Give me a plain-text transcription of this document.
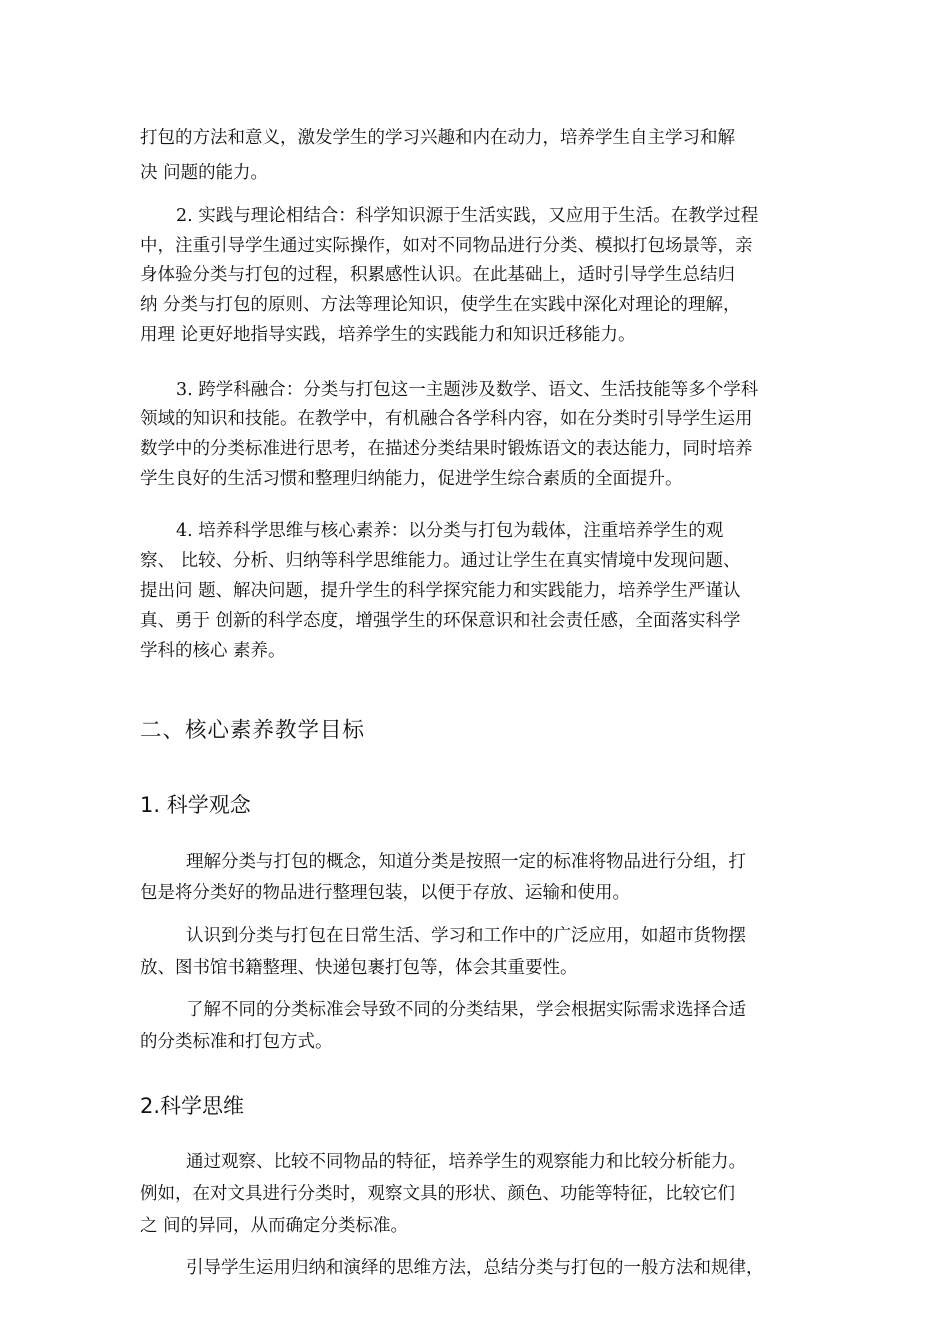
打包的方法和意义，激发学生的学习兴趣和内在动力，培养学生自主学习和解
决 问题的能力。
2. 实践与理论相结合：科学知识源于生活实践，又应用于生活。在教学过程
中，注重引导学生通过实际操作，如对不同物品进行分类、模拟打包场景等，亲
身体验分类与打包的过程，积累感性认识。在此基础上，适时引导学生总结归
纳 分类与打包的原则、方法等理论知识，使学生在实践中深化对理论的理解，
用理 论更好地指导实践，培养学生的实践能力和知识迁移能力。
3. 跨学科融合：分类与打包这一主题涉及数学、语文、生活技能等多个学科
领域的知识和技能。在教学中，有机融合各学科内容，如在分类时引导学生运用
数学中的分类标准进行思考，在描述分类结果时锻炼语文的表达能力，同时培养
学生良好的生活习惯和整理归纳能力，促进学生综合素质的全面提升。
4. 培养科学思维与核心素养：以分类与打包为载体，注重培养学生的观
察、 比较、分析、归纳等科学思维能力。通过让学生在真实情境中发现问题、
提出问 题、解决问题，提升学生的科学探究能力和实践能力，培养学生严谨认
真、勇于 创新的科学态度，增强学生的环保意识和社会责任感，全面落实科学
学科的核心 素养。
二、核心素养教学目标
1. 科学观念
理解分类与打包的概念，知道分类是按照一定的标准将物品进行分组，打
包是将分类好的物品进行整理包装，以便于存放、运输和使用。
认识到分类与打包在日常生活、学习和工作中的广泛应用，如超市货物摆
放、图书馆书籍整理、快递包裹打包等，体会其重要性。
了解不同的分类标准会导致不同的分类结果，学会根据实际需求选择合适
的分类标准和打包方式。
2.科学思维
通过观察、比较不同物品的特征，培养学生的观察能力和比较分析能力。
例如，在对文具进行分类时，观察文具的形状、颜色、功能等特征，比较它们
之 间的异同，从而确定分类标准。
引导学生运用归纳和演绎的思维方法，总结分类与打包的一般方法和规律，
